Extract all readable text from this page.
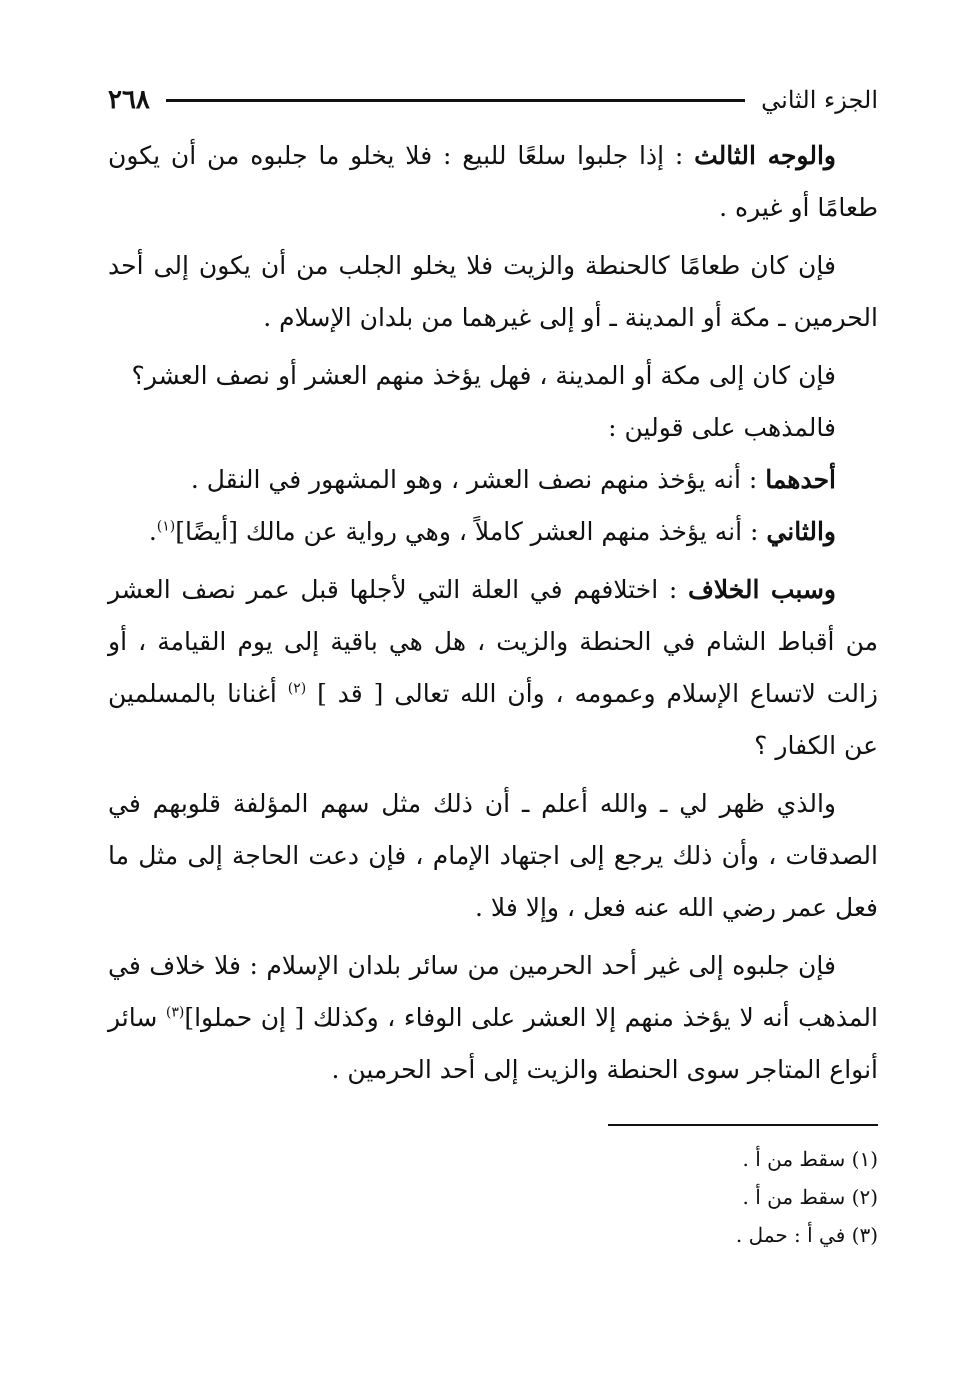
الجزء الثاني
٢٦٨

والوجه الثالث : إذا جلبوا سلعًا للبيع : فلا يخلو ما جلبوه من أن يكون طعامًا أو غيره .

فإن كان طعامًا كالحنطة والزيت فلا يخلو الجلب من أن يكون إلى أحد الحرمين ـ مكة أو المدينة ـ أو إلى غيرهما من بلدان الإسلام .

فإن كان إلى مكة أو المدينة ، فهل يؤخذ منهم العشر أو نصف العشر؟

فالمذهب على قولين :

أحدهما : أنه يؤخذ منهم نصف العشر ، وهو المشهور في النقل .

والثاني : أنه يؤخذ منهم العشر كاملاً ، وهي رواية عن مالك [أيضًا]$^{(١)}$.

وسبب الخلاف : اختلافهم في العلة التي لأجلها قبل عمر نصف العشر من أقباط الشام في الحنطة والزيت ، هل هي باقية إلى يوم القيامة ، أو زالت لاتساع الإسلام وعمومه ، وأن الله تعالى [ قد ] $^{(٢)}$ أغنانا بالمسلمين عن الكفار ؟

والذي ظهر لي ـ والله أعلم ـ أن ذلك مثل سهم المؤلفة قلوبهم في الصدقات ، وأن ذلك يرجع إلى اجتهاد الإمام ، فإن دعت الحاجة إلى مثل ما فعل عمر رضي الله عنه فعل ، وإلا فلا .

فإن جلبوه إلى غير أحد الحرمين من سائر بلدان الإسلام : فلا خلاف في المذهب أنه لا يؤخذ منهم إلا العشر على الوفاء ، وكذلك [ إن حملوا]$^{(٣)}$ سائر أنواع المتاجر سوى الحنطة والزيت إلى أحد الحرمين .

(١) سقط من أ .

(٢) سقط من أ .

(٣) في أ : حمل .
